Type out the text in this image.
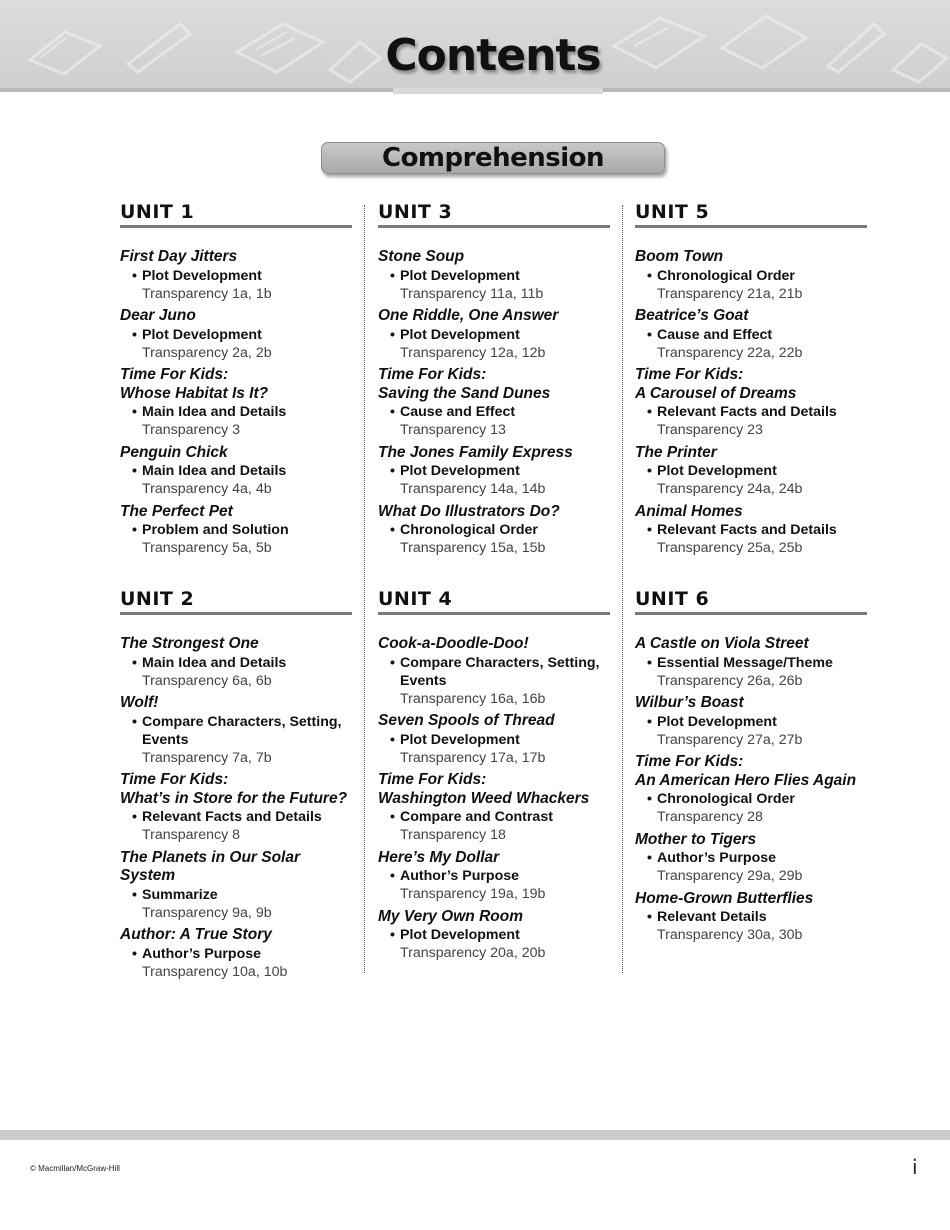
Contents
Comprehension
UNIT 1
First Day Jitters
• Plot Development
Transparency 1a, 1b
Dear Juno
• Plot Development
Transparency 2a, 2b
Time For Kids:
Whose Habitat Is It?
• Main Idea and Details
Transparency 3
Penguin Chick
• Main Idea and Details
Transparency 4a, 4b
The Perfect Pet
• Problem and Solution
Transparency 5a, 5b
UNIT 2
The Strongest One
• Main Idea and Details
Transparency 6a, 6b
Wolf!
• Compare Characters, Setting,
Events
Transparency 7a, 7b
Time For Kids:
What’s in Store for the Future?
• Relevant Facts and Details
Transparency 8
The Planets in Our Solar System
• Summarize
Transparency 9a, 9b
Author: A True Story
• Author’s Purpose
Transparency 10a, 10b
UNIT 3
Stone Soup
• Plot Development
Transparency 11a, 11b
One Riddle, One Answer
• Plot Development
Transparency 12a, 12b
Time For Kids:
Saving the Sand Dunes
• Cause and Effect
Transparency 13
The Jones Family Express
• Plot Development
Transparency 14a, 14b
What Do Illustrators Do?
• Chronological Order
Transparency 15a, 15b
UNIT 4
Cook-a-Doodle-Doo!
• Compare Characters, Setting,
Events
Transparency 16a, 16b
Seven Spools of Thread
• Plot Development
Transparency 17a, 17b
Time For Kids:
Washington Weed Whackers
• Compare and Contrast
Transparency 18
Here’s My Dollar
• Author’s Purpose
Transparency 19a, 19b
My Very Own Room
• Plot Development
Transparency 20a, 20b
UNIT 5
Boom Town
• Chronological Order
Transparency 21a, 21b
Beatrice’s Goat
• Cause and Effect
Transparency 22a, 22b
Time For Kids:
A Carousel of Dreams
• Relevant Facts and Details
Transparency 23
The Printer
• Plot Development
Transparency 24a, 24b
Animal Homes
• Relevant Facts and Details
Transparency 25a, 25b
UNIT 6
A Castle on Viola Street
• Essential Message/Theme
Transparency 26a, 26b
Wilbur’s Boast
• Plot Development
Transparency 27a, 27b
Time For Kids:
An American Hero Flies Again
• Chronological Order
Transparency 28
Mother to Tigers
• Author’s Purpose
Transparency 29a, 29b
Home-Grown Butterflies
• Relevant Details
Transparency 30a, 30b
© Macmillan/McGraw-Hill	i
